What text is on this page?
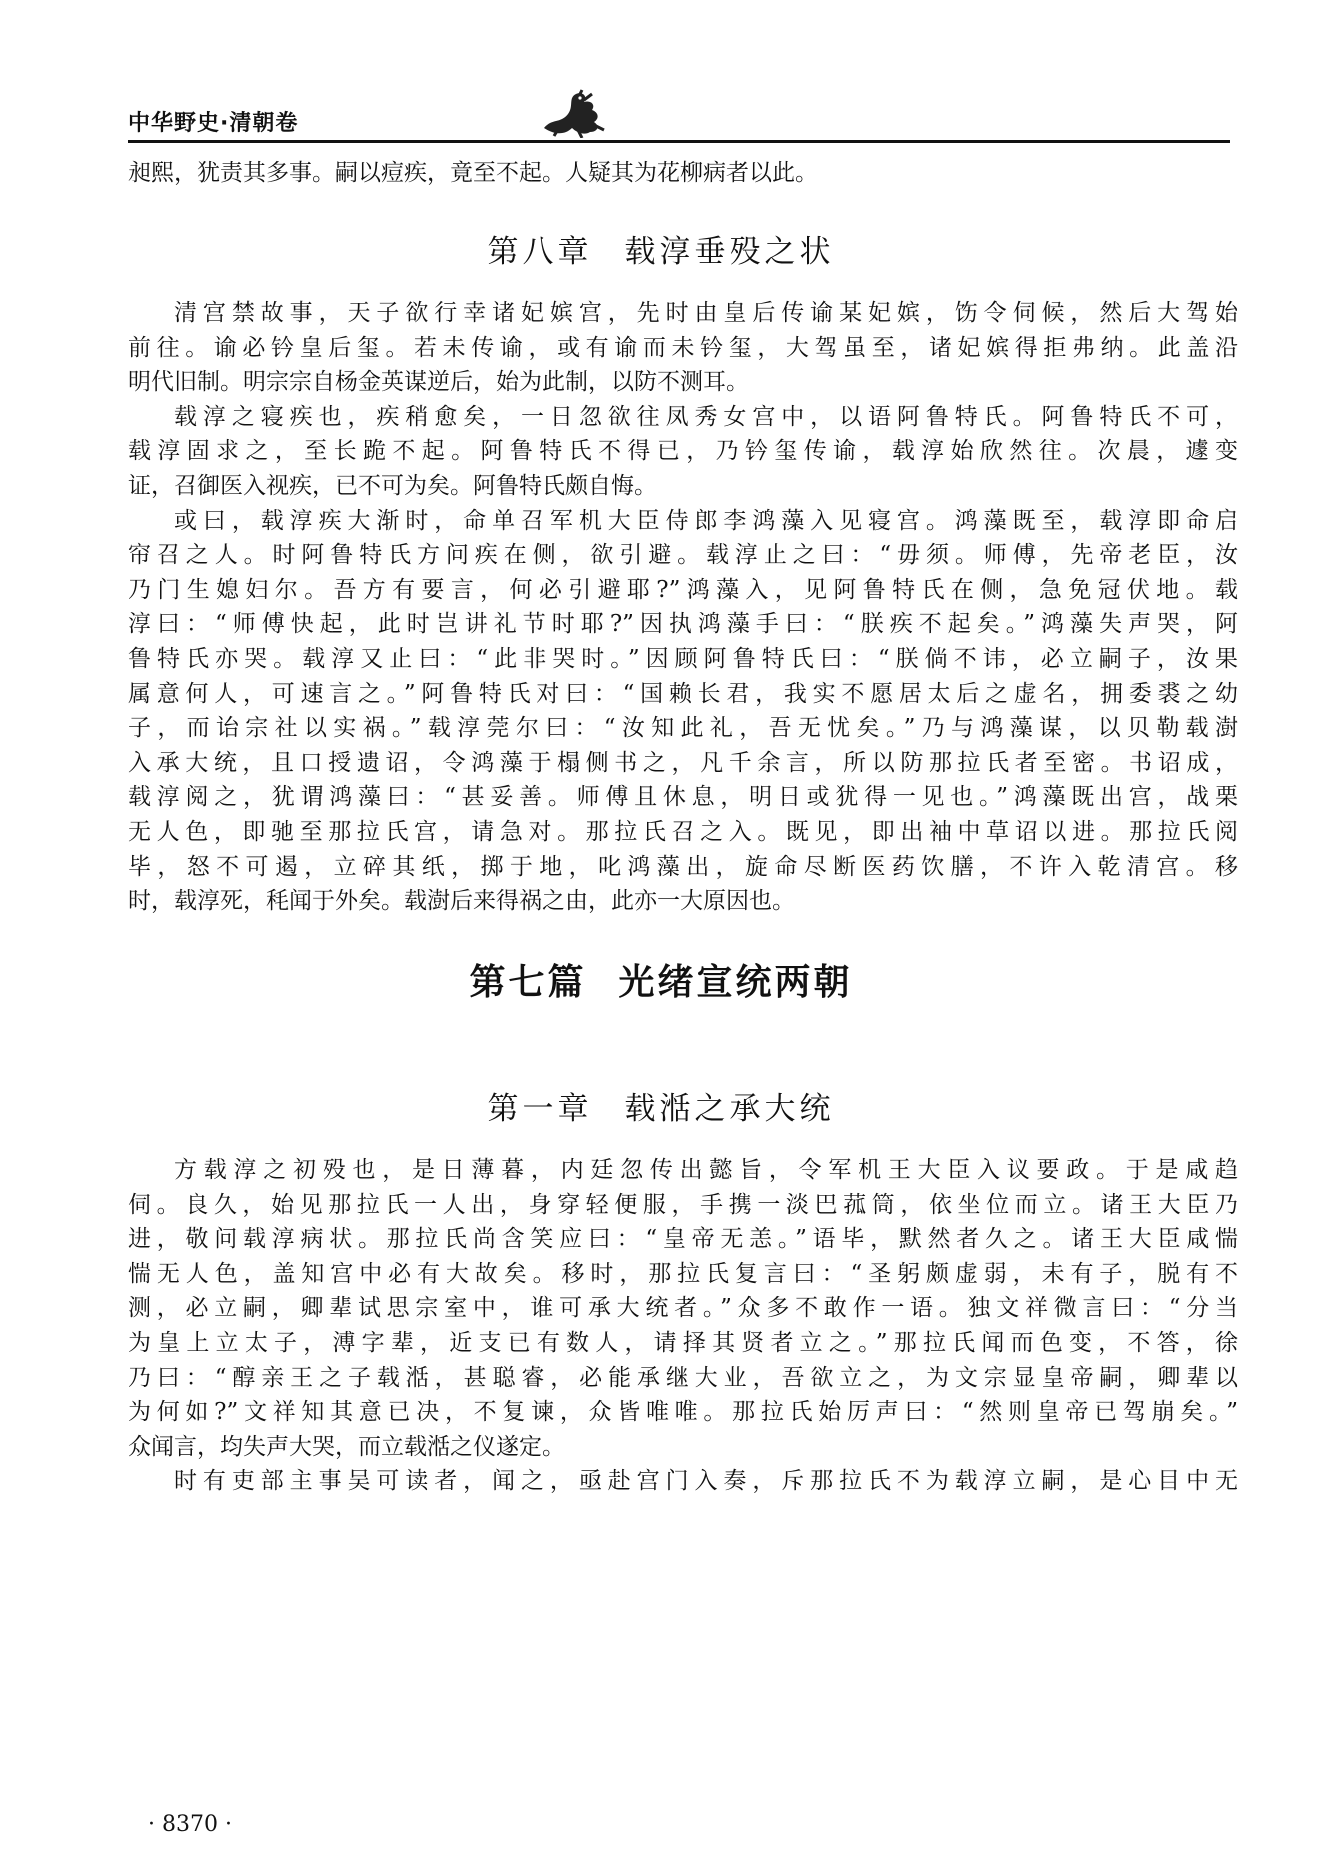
中华野史·清朝卷
昶熙，犹责其多事。嗣以痘疾，竟至不起。人疑其为花柳病者以此。
第八章 载淳垂殁之状
清宫禁故事，天子欲行幸诸妃嫔宫，先时由皇后传谕某妃嫔，饬令伺候，然后大驾始
前往。谕必钤皇后玺。若未传谕，或有谕而未钤玺，大驾虽至，诸妃嫔得拒弗纳。此盖沿
明代旧制。明宗宗自杨金英谋逆后，始为此制，以防不测耳。
载淳之寝疾也，疾稍愈矣，一日忽欲往凤秀女宫中，以语阿鲁特氏。阿鲁特氏不可，
载淳固求之，至长跪不起。阿鲁特氏不得已，乃钤玺传谕，载淳始欣然往。次晨，遽变
证，召御医入视疾，已不可为矣。阿鲁特氏颇自悔。
或曰，载淳疾大渐时，命单召军机大臣侍郎李鸿藻入见寝宫。鸿藻既至，载淳即命启
帘召之人。时阿鲁特氏方问疾在侧，欲引避。载淳止之曰：“毋须。师傅，先帝老臣，汝
乃门生媳妇尔。吾方有要言，何必引避耶?”鸿藻入，见阿鲁特氏在侧，急免冠伏地。载
淳曰：“师傅快起，此时岂讲礼节时耶?”因执鸿藻手曰：“朕疾不起矣。”鸿藻失声哭，阿
鲁特氏亦哭。载淳又止曰：“此非哭时。”因顾阿鲁特氏曰：“朕倘不讳，必立嗣子，汝果
属意何人，可速言之。”阿鲁特氏对曰：“国赖长君，我实不愿居太后之虚名，拥委裘之幼
子，而诒宗社以实祸。”载淳莞尔曰：“汝知此礼，吾无忧矣。”乃与鸿藻谋，以贝勒载澍
入承大统，且口授遗诏，令鸿藻于榻侧书之，凡千余言，所以防那拉氏者至密。书诏成，
载淳阅之，犹谓鸿藻曰：“甚妥善。师傅且休息，明日或犹得一见也。”鸿藻既出宫，战栗
无人色，即驰至那拉氏宫，请急对。那拉氏召之入。既见，即出袖中草诏以进。那拉氏阅
毕，怒不可遏，立碎其纸，掷于地，叱鸿藻出，旋命尽断医药饮膳，不许入乾清宫。移
时，载淳死，秏闻于外矣。载澍后来得祸之由，此亦一大原因也。
第七篇 光绪宣统两朝
第一章 载湉之承大统
方载淳之初殁也，是日薄暮，内廷忽传出懿旨，令军机王大臣入议要政。于是咸趋
伺。良久，始见那拉氏一人出，身穿轻便服，手携一淡巴菰筒，依坐位而立。诸王大臣乃
进，敬问载淳病状。那拉氏尚含笑应曰：“皇帝无恙。”语毕，默然者久之。诸王大臣咸惴
惴无人色，盖知宫中必有大故矣。移时，那拉氏复言曰：“圣躬颇虚弱，未有子，脱有不
测，必立嗣，卿辈试思宗室中，谁可承大统者。”众多不敢作一语。独文祥微言曰：“分当
为皇上立太子，溥字辈，近支已有数人，请择其贤者立之。”那拉氏闻而色变，不答，徐
乃曰：“醇亲王之子载湉，甚聪睿，必能承继大业，吾欲立之，为文宗显皇帝嗣，卿辈以
为何如?”文祥知其意已决，不复谏，众皆唯唯。那拉氏始厉声曰：“然则皇帝已驾崩矣。”
众闻言，均失声大哭，而立载湉之仪遂定。
时有吏部主事吴可读者，闻之，亟赴宫门入奏，斥那拉氏不为载淳立嗣，是心目中无
· 8370 ·
